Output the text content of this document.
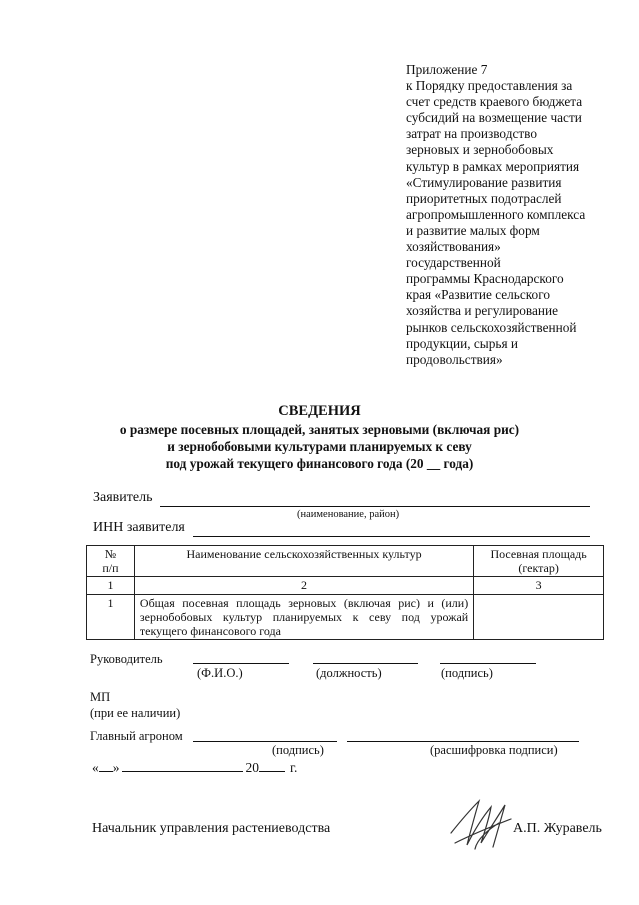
Приложение 7
к Порядку предоставления за
счет средств краевого бюджета
субсидий на возмещение части
затрат на производство
зерновых и зернобобовых
культур в рамках мероприятия
«Стимулирование развития
приоритетных подотраслей
агропромышленного комплекса
и развитие малых форм
хозяйствования»
государственной
программы Краснодарского
края «Развитие сельского
хозяйства и регулирование
рынков сельскохозяйственной
продукции, сырья и
продовольствия»
СВЕДЕНИЯ
о размере посевных площадей, занятых зерновыми (включая рис)
и зернобобовыми культурами планируемых к севу
под урожай текущего финансового года (20 __ года)
Заявитель
(наименование, район)
ИНН заявителя
№
п/п	Наименование сельскохозяйственных культур	Посевная площадь
(гектар)
1	2	3
1	Общая посевная площадь зерновых (включая рис) и (или) зернобобовых культур планируемых к севу под урожай текущего финансового года	
Руководитель
(Ф.И.О.)	(должность)	(подпись)
МП
(при ее наличии)
Главный агроном
(подпись)	(расшифровка подписи)
« »	20 г.
Начальник управления растениеводства	А.П. Журавель
